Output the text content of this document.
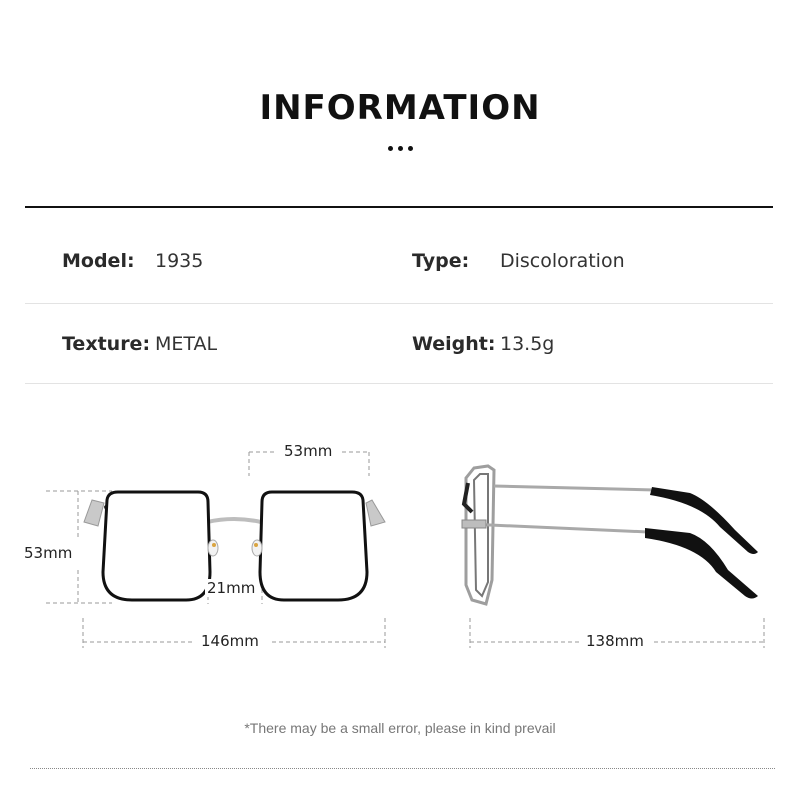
INFORMATION
Model: 1935	Type: Discoloration
Texture: METAL	Weight: 13.5g
53mm
53mm
21mm
146mm	138mm
*There may be a small error, please in kind prevail
